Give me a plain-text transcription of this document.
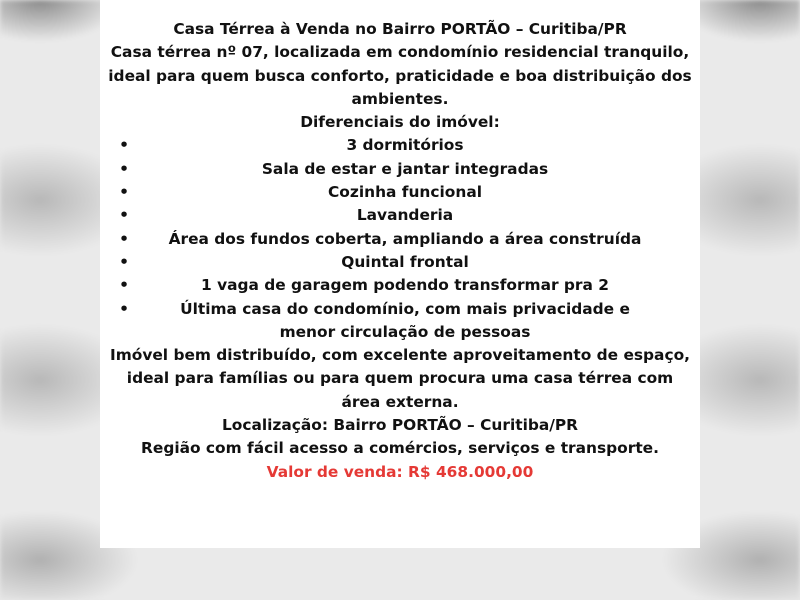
Casa Térrea à Venda no Bairro PORTÃO – Curitiba/PR

Casa térrea nº 07, localizada em condomínio residencial tranquilo, ideal para quem busca conforto, praticidade e boa distribuição dos ambientes.

Diferenciais do imóvel:

•	3 dormitórios
•	Sala de estar e jantar integradas
•	Cozinha funcional
•	Lavanderia
•	Área dos fundos coberta, ampliando a área construída
•	Quintal frontal
•	1 vaga de garagem podendo transformar pra 2
•	Última casa do condomínio, com mais privacidade e menor circulação de pessoas

Imóvel bem distribuído, com excelente aproveitamento de espaço, ideal para famílias ou para quem procura uma casa térrea com área externa.

Localização: Bairro PORTÃO – Curitiba/PR

Região com fácil acesso a comércios, serviços e transporte.

Valor de venda: R$ 468.000,00
